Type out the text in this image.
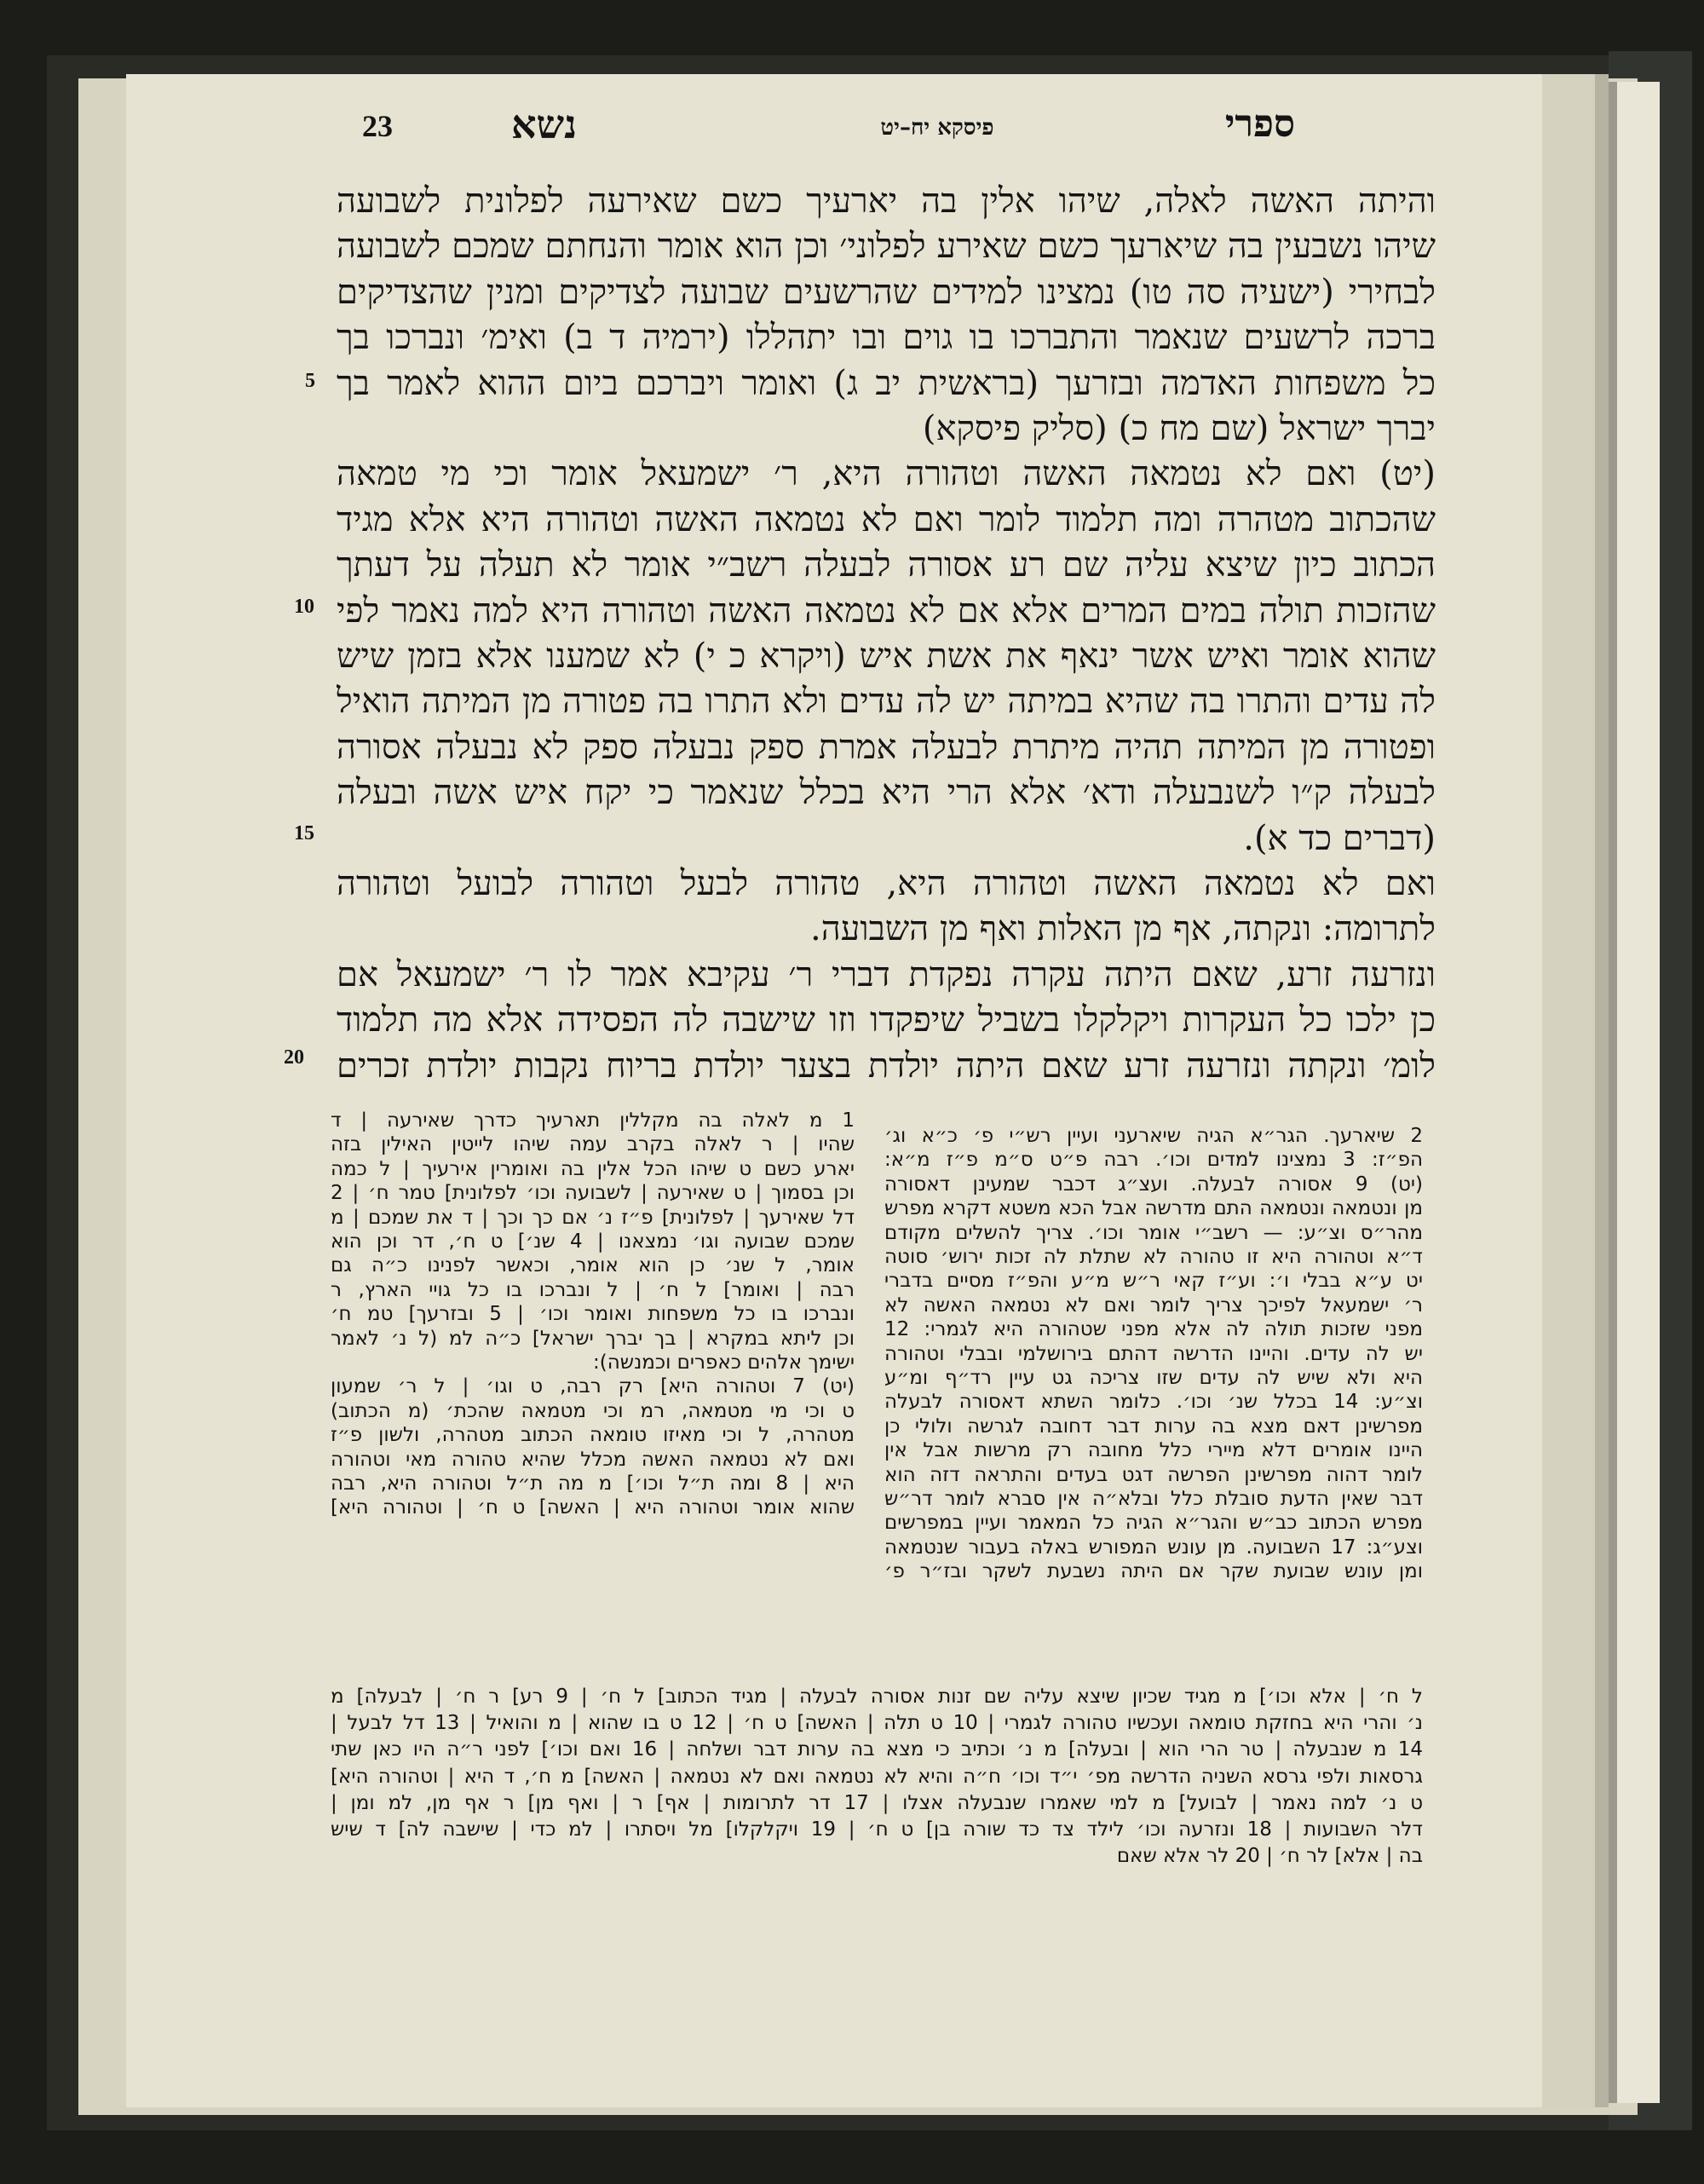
23	נשא	פיסקא יח–יט	ספרי
והיתה האשה לאלה, שיהו אלין בה יארעיך כשם שאירעה לפלונית לשבועה
שיהו נשבעין בה שיארעך כשם שאירע לפלוני׳ וכן הוא אומר והנחתם שמכם לשבועה
לבחירי (ישעיה סה טו) נמצינו למידים שהרשעים שבועה לצדיקים ומנין שהצדיקים
ברכה לרשעים שנאמר והתברכו בו גוים ובו יתהללו (ירמיה ד ב) ואימ׳ ונברכו בך
כל משפחות האדמה ובזרעך (בראשית יב ג) ואומר ויברכם ביום ההוא לאמר בך
יברך ישראל (שם מח כ) (סליק פיסקא)
(יט) ואם לא נטמאה האשה וטהורה היא, ר׳ ישמעאל אומר וכי מי טמאה
שהכתוב מטהרה ומה תלמוד לומר ואם לא נטמאה האשה וטהורה היא אלא מגיד
הכתוב כיון שיצא עליה שם רע אסורה לבעלה רשב״י אומר לא תעלה על דעתך
שהזכות תולה במים המרים אלא אם לא נטמאה האשה וטהורה היא למה נאמר לפי
שהוא אומר ואיש אשר ינאף את אשת איש (ויקרא כ י) לא שמענו אלא בזמן שיש
לה עדים והתרו בה שהיא במיתה יש לה עדים ולא התרו בה פטורה מן המיתה הואיל
ופטורה מן המיתה תהיה מיתרת לבעלה אמרת ספק נבעלה ספק לא נבעלה אסורה
לבעלה ק״ו לשנבעלה ודא׳ אלא הרי היא בכלל שנאמר כי יקח איש אשה ובעלה
(דברים כד א).
ואם לא נטמאה האשה וטהורה היא, טהורה לבעל וטהורה לבועל וטהורה
לתרומה: ונקתה, אף מן האלות ואף מן השבועה.
ונזרעה זרע, שאם היתה עקרה נפקדת דברי ר׳ עקיבא אמר לו ר׳ ישמעאל אם
כן ילכו כל העקרות ויקלקלו בשביל שיפקדו וזו שישבה לה הפסידה אלא מה תלמוד
לומ׳ ונקתה ונזרעה זרע שאם היתה יולדת בצער יולדת בריוח נקבות יולדת זכרים
5
10
15
20
2 שיארעך. הגר״א הגיה שיארעני ועיין רש״י פ׳ כ״א וג׳
הפ״ז: 3 נמצינו למדים וכו׳. רבה פ״ט ס״מ פ״ז מ״א:
(יט) 9 אסורה לבעלה. ועצ״ג דכבר שמעינן דאסורה
מן ונטמאה ונטמאה התם מדרשה אבל הכא משטא דקרא מפרש
מהר״ס וצ״ע: — רשב״י אומר וכו׳. צריך להשלים מקודם
ד״א וטהורה היא זו טהורה לא שתלת לה זכות ירוש׳ סוטה
יט ע״א בבלי ו׳: וע״ז קאי ר״ש מ״ע והפ״ז מסיים בדברי
ר׳ ישמעאל לפיכך צריך לומר ואם לא נטמאה האשה לא
מפני שזכות תולה לה אלא מפני שטהורה היא לגמרי: 12
יש לה עדים. והיינו הדרשה דהתם בירושלמי ובבלי וטהורה
היא ולא שיש לה עדים שזו צריכה גט עיין רד״ף ומ״ע
וצ״ע: 14 בכלל שנ׳ וכו׳. כלומר השתא דאסורה לבעלה
מפרשינן דאם מצא בה ערות דבר דחובה לגרשה ולולי כן
היינו אומרים דלא מיירי כלל מחובה רק מרשות אבל אין
לומר דהוה מפרשינן הפרשה דגט בעדים והתראה דזה הוא
דבר שאין הדעת סובלת כלל ובלא״ה אין סברא לומר דר״ש
מפרש הכתוב כב״ש והגר״א הגיה כל המאמר ועיין במפרשים
וצע״ג: 17 השבועה. מן עונש המפורש באלה בעבור שנטמאה
ומן עונש שבועת שקר אם היתה נשבעת לשקר ובז״ר פ׳
1 מ לאלה בה מקללין תארעיך כדרך שאירעה | ד
שהיו | ר לאלה בקרב עמה שיהו לייטין האילין בזה
יארע כשם ט שיהו הכל אלין בה ואומרין אירעיך | ל כמה
וכן בסמוך | ט שאירעה | לשבועה וכו׳ לפלונית] טמר ח׳ | 2
דל שאירעך | לפלונית] פ״ז נ׳ אם כך וכך | ד את שמכם | מ
שמכם שבועה וגו׳ נמצאנו | 4 שנ׳] ט ח׳, דר וכן הוא
אומר, ל שנ׳ כן הוא אומר, וכאשר לפנינו כ״ה גם
רבה | ואומר] ל ח׳ | ל ונברכו בו כל גויי הארץ, ר
ונברכו בו כל משפחות ואומר וכו׳ | 5 ובזרעך] טמ ח׳
וכן ליתא במקרא | בך יברך ישראל] כ״ה למ (ל נ׳ לאמר
ישימך אלהים כאפרים וכמנשה):
(יט) 7 וטהורה היא] רק רבה, ט וגו׳ | ל ר׳ שמעון
ט וכי מי מטמאה, רמ וכי מטמאה שהכת׳ (מ הכתוב)
מטהרה, ל וכי מאיזו טומאה הכתוב מטהרה, ולשון פ״ז
ואם לא נטמאה האשה מכלל שהיא טהורה מאי וטהורה
היא | 8 ומה ת״ל וכו׳] מ מה ת״ל וטהורה היא, רבה
שהוא אומר וטהורה היא | האשה] ט ח׳ | וטהורה היא]
ל ח׳ | אלא וכו׳] מ מגיד שכיון שיצא עליה שם זנות אסורה לבעלה | מגיד הכתוב] ל ח׳ | 9 רע] ר ח׳ | לבעלה] מ
נ׳ והרי היא בחזקת טומאה ועכשיו טהורה לגמרי | 10 ט תלה | האשה] ט ח׳ | 12 ט בו שהוא | מ והואיל | 13 דל לבעל |
14 מ שנבעלה | טר הרי הוא | ובעלה] מ נ׳ וכתיב כי מצא בה ערות דבר ושלחה | 16 ואם וכו׳] לפני ר״ה היו כאן שתי
גרסאות ולפי גרסא השניה הדרשה מפ׳ י״ד וכו׳ ח״ה והיא לא נטמאה ואם לא נטמאה | האשה] מ ח׳, ד היא | וטהורה היא]
ט נ׳ למה נאמר | לבועל] מ למי שאמרו שנבעלה אצלו | 17 דר לתרומות | אף] ר | ואף מן] ר אף מן, למ ומן |
דלר השבועות | 18 ונזרעה וכו׳ לילד צד כד שורה בן] ט ח׳ | 19 ויקלקלו] מל ויסתרו | למ כדי | שישבה לה] ד שיש
בה | אלא] לר ח׳ | 20 לר אלא שאם
